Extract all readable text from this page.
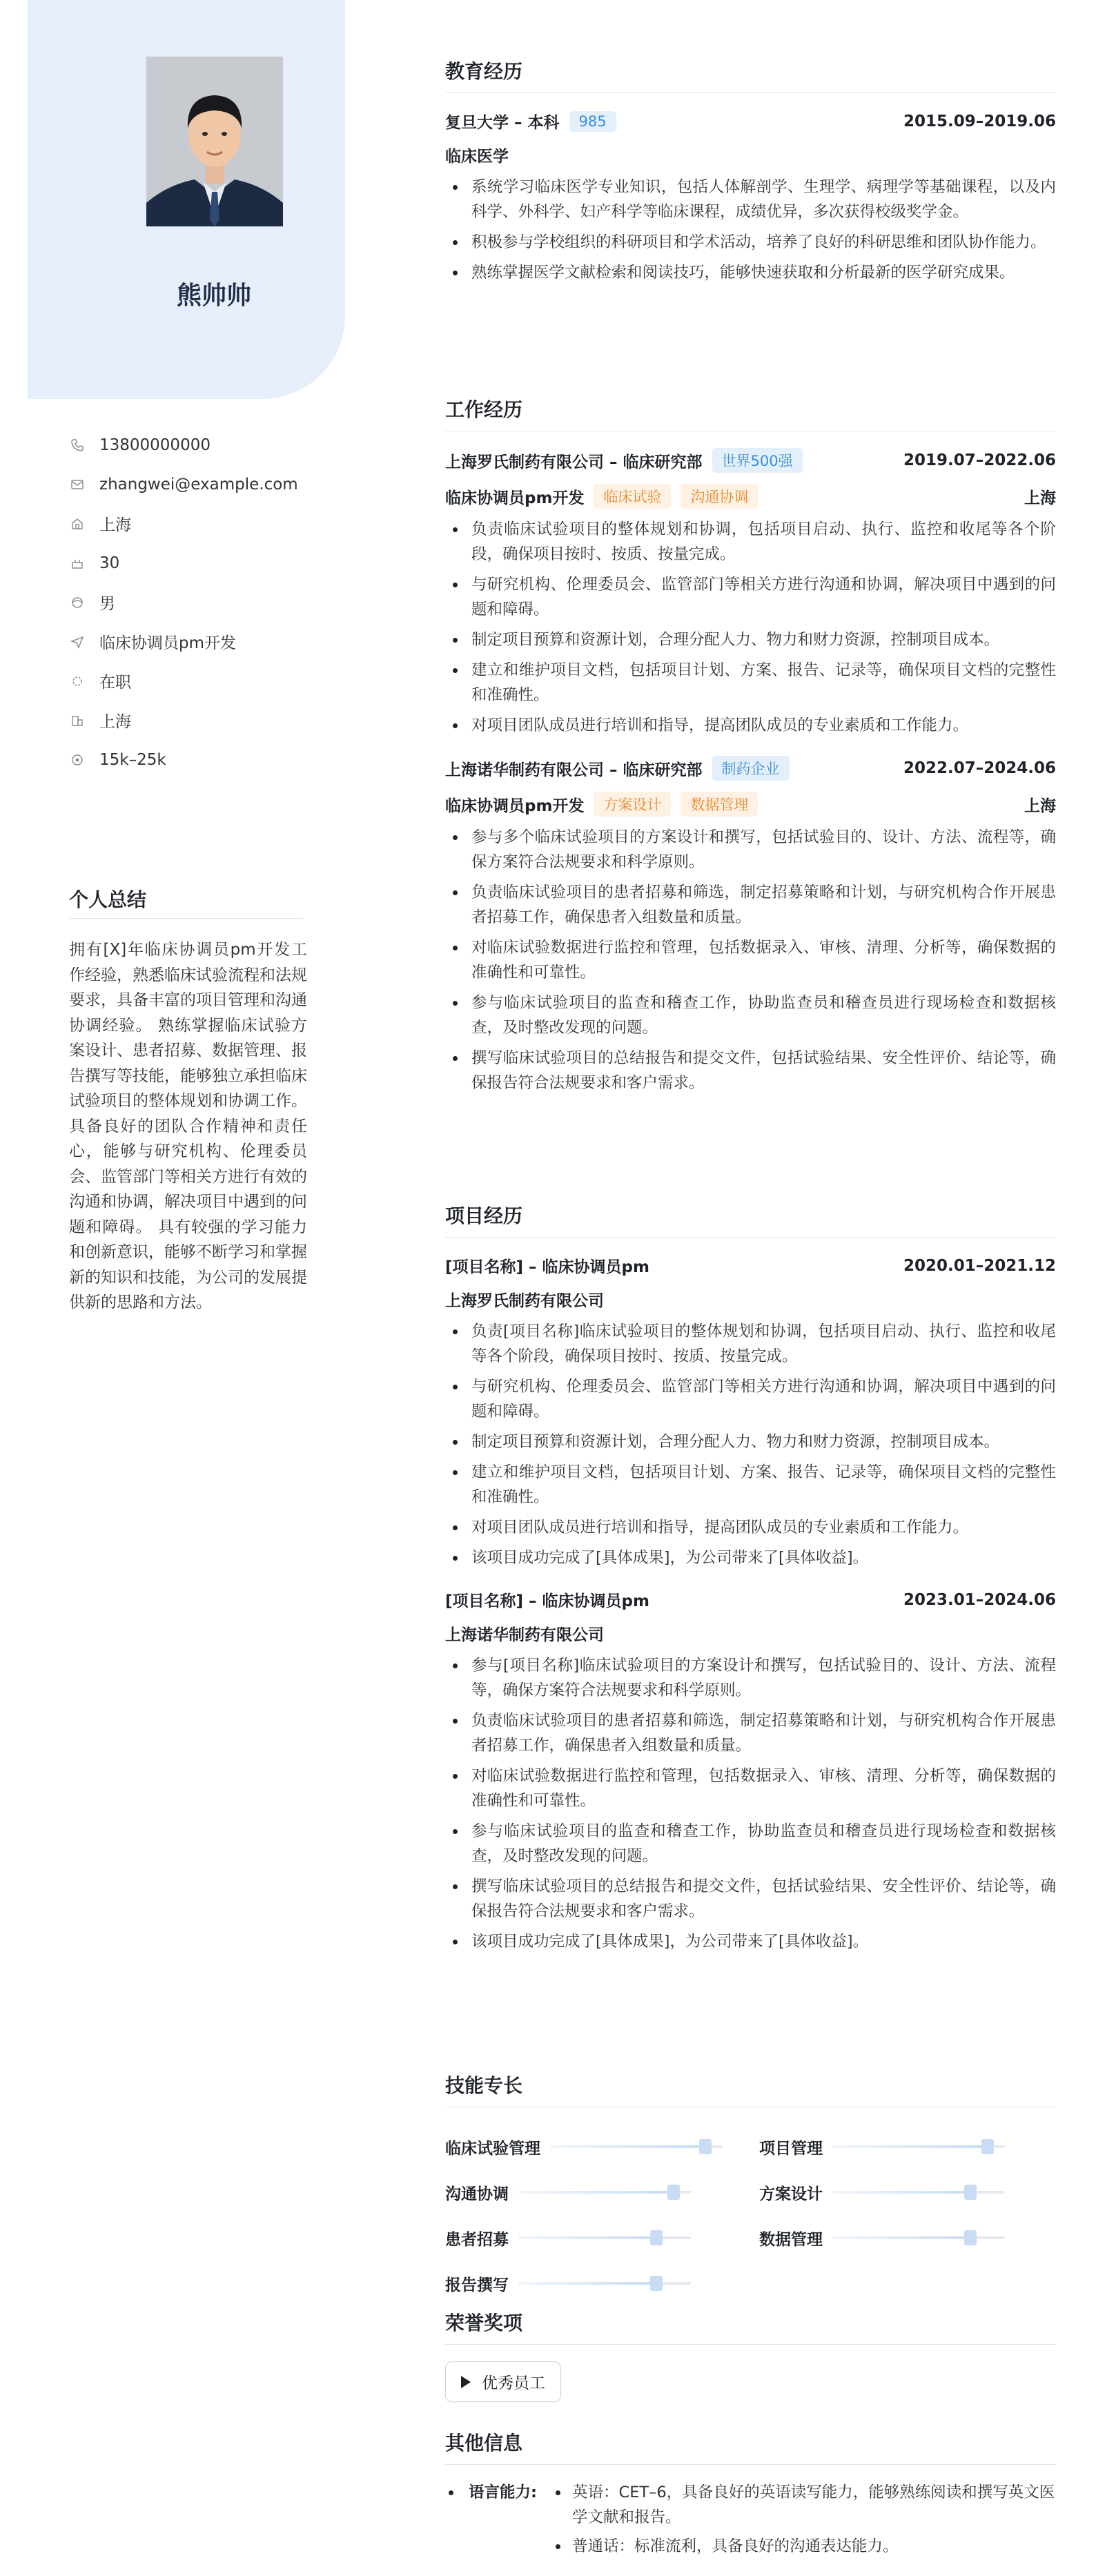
熊帅帅
13800000000
zhangwei@example.com
上海
30
男
临床协调员pm开发
在职
上海
15k–25k
个人总结
拥有[X]年临床协调员pm开发工作经验，熟悉临床试验流程和法规要求，具备丰富的项目管理和沟通协调经验。 熟练掌握临床试验方案设计、患者招募、数据管理、报告撰写等技能，能够独立承担临床试验项目的整体规划和协调工作。 具备良好的团队合作精神和责任心，能够与研究机构、伦理委员会、监管部门等相关方进行有效的沟通和协调，解决项目中遇到的问题和障碍。 具有较强的学习能力和创新意识，能够不断学习和掌握新的知识和技能，为公司的发展提供新的思路和方法。
教育经历
复旦大学 – 本科	985	2015.09–2019.06
临床医学
系统学习临床医学专业知识，包括人体解剖学、生理学、病理学等基础课程，以及内科学、外科学、妇产科学等临床课程，成绩优异，多次获得校级奖学金。
积极参与学校组织的科研项目和学术活动，培养了良好的科研思维和团队协作能力。
熟练掌握医学文献检索和阅读技巧，能够快速获取和分析最新的医学研究成果。
工作经历
上海罗氏制药有限公司 – 临床研究部	世界500强	2019.07–2022.06
临床协调员pm开发	临床试验	沟通协调	上海
负责临床试验项目的整体规划和协调，包括项目启动、执行、监控和收尾等各个阶段，确保项目按时、按质、按量完成。
与研究机构、伦理委员会、监管部门等相关方进行沟通和协调，解决项目中遇到的问题和障碍。
制定项目预算和资源计划，合理分配人力、物力和财力资源，控制项目成本。
建立和维护项目文档，包括项目计划、方案、报告、记录等，确保项目文档的完整性和准确性。
对项目团队成员进行培训和指导，提高团队成员的专业素质和工作能力。
上海诺华制药有限公司 – 临床研究部	制药企业	2022.07–2024.06
临床协调员pm开发	方案设计	数据管理	上海
参与多个临床试验项目的方案设计和撰写，包括试验目的、设计、方法、流程等，确保方案符合法规要求和科学原则。
负责临床试验项目的患者招募和筛选，制定招募策略和计划，与研究机构合作开展患者招募工作，确保患者入组数量和质量。
对临床试验数据进行监控和管理，包括数据录入、审核、清理、分析等，确保数据的准确性和可靠性。
参与临床试验项目的监查和稽查工作，协助监查员和稽查员进行现场检查和数据核查，及时整改发现的问题。
撰写临床试验项目的总结报告和提交文件，包括试验结果、安全性评价、结论等，确保报告符合法规要求和客户需求。
项目经历
[项目名称] – 临床协调员pm	2020.01–2021.12
上海罗氏制药有限公司
负责[项目名称]临床试验项目的整体规划和协调，包括项目启动、执行、监控和收尾等各个阶段，确保项目按时、按质、按量完成。
与研究机构、伦理委员会、监管部门等相关方进行沟通和协调，解决项目中遇到的问题和障碍。
制定项目预算和资源计划，合理分配人力、物力和财力资源，控制项目成本。
建立和维护项目文档，包括项目计划、方案、报告、记录等，确保项目文档的完整性和准确性。
对项目团队成员进行培训和指导，提高团队成员的专业素质和工作能力。
该项目成功完成了[具体成果]，为公司带来了[具体收益]。
[项目名称] – 临床协调员pm	2023.01–2024.06
上海诺华制药有限公司
参与[项目名称]临床试验项目的方案设计和撰写，包括试验目的、设计、方法、流程等，确保方案符合法规要求和科学原则。
负责临床试验项目的患者招募和筛选，制定招募策略和计划，与研究机构合作开展患者招募工作，确保患者入组数量和质量。
对临床试验数据进行监控和管理，包括数据录入、审核、清理、分析等，确保数据的准确性和可靠性。
参与临床试验项目的监查和稽查工作，协助监查员和稽查员进行现场检查和数据核查，及时整改发现的问题。
撰写临床试验项目的总结报告和提交文件，包括试验结果、安全性评价、结论等，确保报告符合法规要求和客户需求。
该项目成功完成了[具体成果]，为公司带来了[具体收益]。
技能专长
临床试验管理	项目管理
沟通协调	方案设计
患者招募	数据管理
报告撰写
荣誉奖项
优秀员工
其他信息
语言能力:	英语：CET–6，具备良好的英语读写能力，能够熟练阅读和撰写英文医学文献和报告。
普通话：标准流利，具备良好的沟通表达能力。
